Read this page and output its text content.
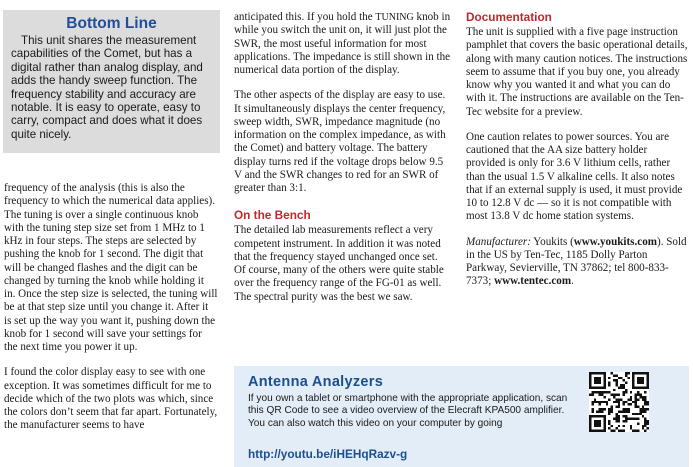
Bottom Line

This unit shares the measurement capabilities of the Comet, but has a digital rather than analog display, and adds the handy sweep function. The frequency stability and accuracy are notable. It is easy to operate, easy to carry, compact and does what it does quite nicely.

frequency of the analysis (this is also the frequency to which the numerical data applies). The tuning is over a single continuous knob with the tuning step size set from 1 MHz to 1 kHz in four steps. The steps are selected by pushing the knob for 1 second. The digit that will be changed flashes and the digit can be changed by turning the knob while holding it in. Once the step size is selected, the tuning will be at that step size until you change it. After it is set up the way you want it, pushing down the knob for 1 second will save your settings for the next time you power it up.

I found the color display easy to see with one exception. It was sometimes difficult for me to decide which of the two plots was which, since the colors don’t seem that far apart. Fortunately, the manufacturer seems to have

anticipated this. If you hold the TUNING knob in while you switch the unit on, it will just plot the SWR, the most useful information for most applications. The impedance is still shown in the numerical data portion of the display.

The other aspects of the display are easy to use. It simultaneously displays the center frequency, sweep width, SWR, impedance magnitude (no information on the complex impedance, as with the Comet) and battery voltage. The battery display turns red if the voltage drops below 9.5 V and the SWR changes to red for an SWR of greater than 3:1.

On the Bench

The detailed lab measurements reflect a very competent instrument. In addition it was noted that the frequency stayed unchanged once set. Of course, many of the others were quite stable over the frequency range of the FG-01 as well. The spectral purity was the best we saw.

Documentation

The unit is supplied with a five page instruction pamphlet that covers the basic operational details, along with many caution notices. The instructions seem to assume that if you buy one, you already know why you wanted it and what you can do with it. The instructions are available on the Ten-Tec website for a preview.

One caution relates to power sources. You are cautioned that the AA size battery holder provided is only for 3.6 V lithium cells, rather than the usual 1.5 V alkaline cells. It also notes that if an external supply is used, it must provide 10 to 12.8 V dc — so it is not compatible with most 13.8 V dc home station systems.

Manufacturer: Youkits (www.youkits.com). Sold in the US by Ten-Tec, 1185 Dolly Parton Parkway, Sevierville, TN 37862; tel 800-833-7373; www.tentec.com.

Antenna Analyzers
If you own a tablet or smartphone with the appropriate application, scan this QR Code to see a video overview of the Elecraft KPA500 amplifier. You can also watch this video on your computer by going
http://youtu.be/iHEHqRazv-g
